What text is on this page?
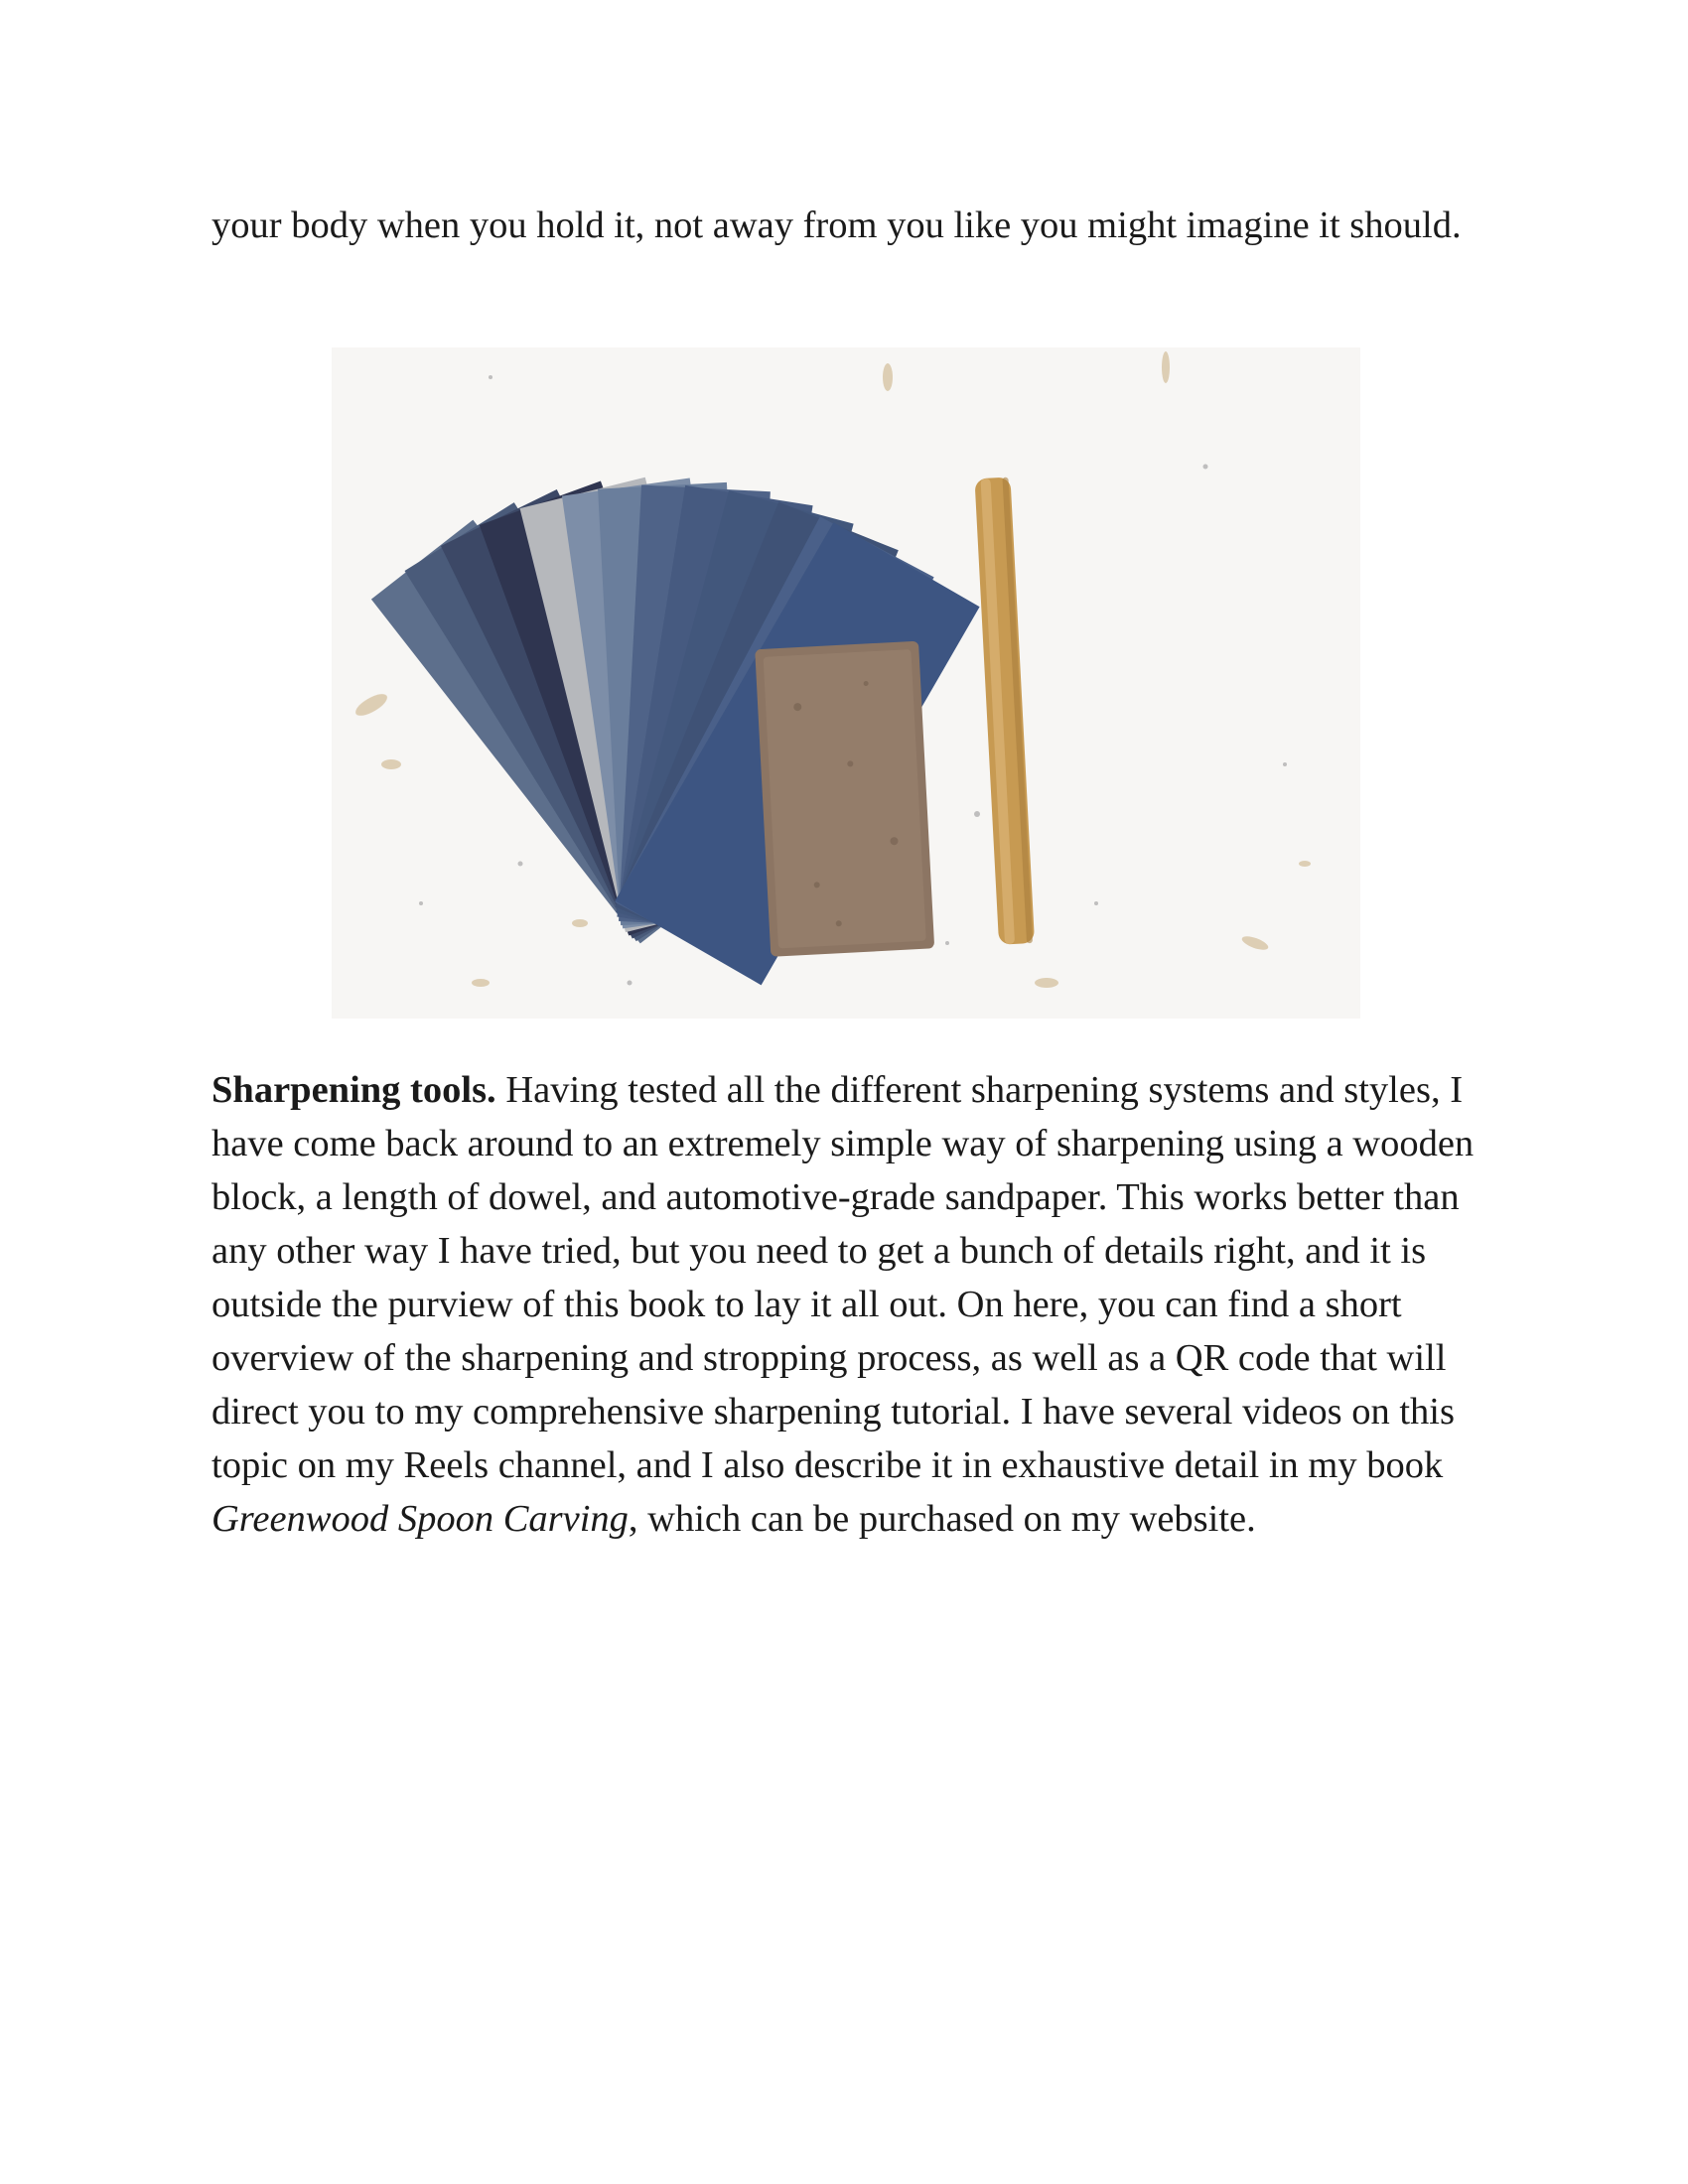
your body when you hold it, not away from you like you might imagine it should.

Sharpening tools. Having tested all the different sharpening systems and styles, I have come back around to an extremely simple way of sharpening using a wooden block, a length of dowel, and automotive-grade sandpaper. This works better than any other way I have tried, but you need to get a bunch of details right, and it is outside the purview of this book to lay it all out. On here, you can find a short overview of the sharpening and stropping process, as well as a QR code that will direct you to my comprehensive sharpening tutorial. I have several videos on this topic on my Reels channel, and I also describe it in exhaustive detail in my book Greenwood Spoon Carving, which can be purchased on my website.
